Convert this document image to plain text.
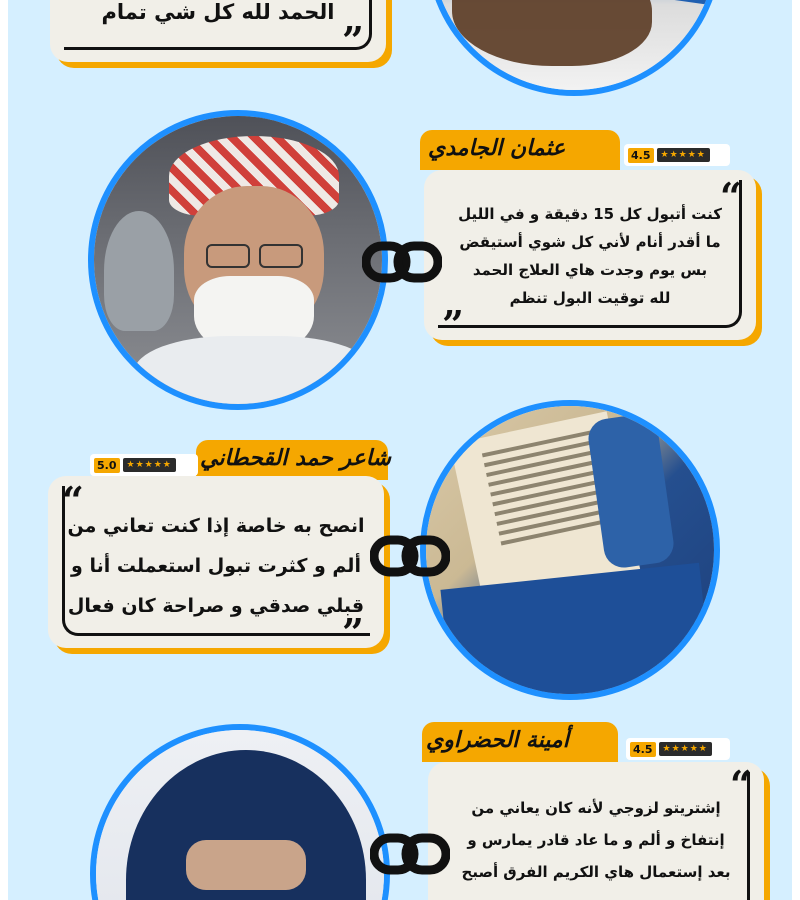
الحمد لله كل شي تمام
”
عثمان الجامدي	4.5	★★★★★
“
كنت أتبول كل 15 دقيقة و في الليل
ما أقدر أنام لأني كل شوي أستيقض
بس يوم وجدت هاي العلاج الحمد
لله توقيت البول تنظم
”
شاعر حمد القحطاني
5.0	★★★★★
“
انصح به خاصة إذا كنت تعاني من
ألم و كثرت تبول استعملت أنا و
قبلي صدقي و صراحة كان فعال
”
أمينة الحضراوي	4.5	★★★★★
“
إشتريتو لزوجي لأنه كان يعاني من
إنتفاخ و ألم و ما عاد قادر يمارس و
بعد إستعمال هاي الكريم الفرق أصبح
